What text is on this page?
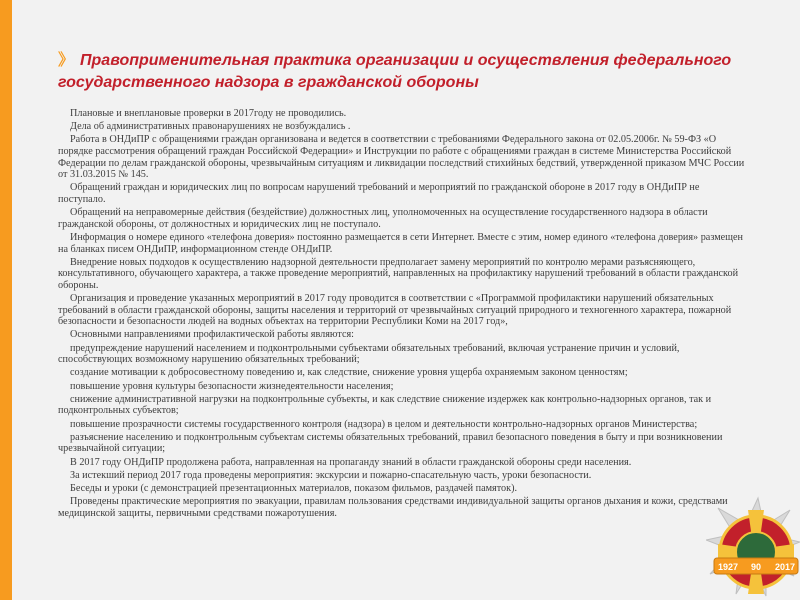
》 Правоприменительная практика организации и осуществления федерального государственного надзора в гражданской обороны

Плановые и внеплановые проверки в 2017году не проводились.

Дела об административных правонарушениях не возбуждались .

Работа в ОНДиПР с обращениями граждан организована и ведется в соответствии с требованиями Федерального закона от 02.05.2006г. № 59-ФЗ «О порядке рассмотрения обращений граждан Российской Федерации» и Инструкции по работе с обращениями граждан в системе Министерства Российской Федерации по делам гражданской обороны, чрезвычайным ситуациям и ликвидации последствий стихийных бедствий, утвержденной приказом МЧС России от 31.03.2015 № 145.

Обращений граждан и юридических лиц по вопросам нарушений требований и мероприятий по гражданской обороне в 2017 году в ОНДиПР не поступало.

Обращений на неправомерные действия (бездействие) должностных лиц, уполномоченных на осуществление государственного надзора в области гражданской обороны, от должностных и юридических лиц не поступало.

Информация о номере единого «телефона доверия» постоянно размещается в сети Интернет. Вместе с этим, номер единого «телефона доверия» размещен на бланках писем ОНДиПР, информационном стенде ОНДиПР.

Внедрение новых подходов к осуществлению надзорной деятельности предполагает замену мероприятий по контролю мерами разъясняющего, консультативного, обучающего характера, а также проведение мероприятий, направленных на профилактику нарушений требований в области гражданской обороны.

Организация и проведение указанных мероприятий в 2017 году проводится в соответствии с «Программой профилактики нарушений обязательных требований в области гражданской обороны, защиты населения и территорий от чрезвычайных ситуаций природного и техногенного характера, пожарной безопасности и безопасности людей на водных объектах на территории Республики Коми на 2017 год»,

Основными направлениями профилактической работы являются:

предупреждение нарушений населением и подконтрольными субъектами обязательных требований, включая устранение причин и условий, способствующих возможному нарушению обязательных требований;

создание мотивации к добросовестному поведению и, как следствие, снижение уровня ущерба охраняемым законом ценностям;

повышение уровня культуры безопасности жизнедеятельности населения;

снижение административной нагрузки на подконтрольные субъекты, и как следствие снижение издержек как контрольно-надзорных органов, так и подконтрольных субъектов;

повышение прозрачности системы государственного контроля (надзора) в целом и деятельности контрольно-надзорных органов Министерства;

разъяснение населению и подконтрольным субъектам системы обязательных требований, правил безопасного поведения в быту и при возникновении чрезвычайной ситуации;

В 2017 году ОНДиПР продолжена работа, направленная на пропаганду знаний в области гражданской обороны среди населения.

За истекший период 2017 года проведены мероприятия: экскурсии и пожарно-спасательную часть, уроки безопасности.

Беседы и уроки (с демонстрацией презентационных материалов, показом фильмов, раздачей памяток).

Проведены практические мероприятия по эвакуации, правилам пользования средствами индивидуальной защиты органов дыхания и кожи, средствами медицинской защиты, первичными средствами пожаротушения.

1927 90 2017
